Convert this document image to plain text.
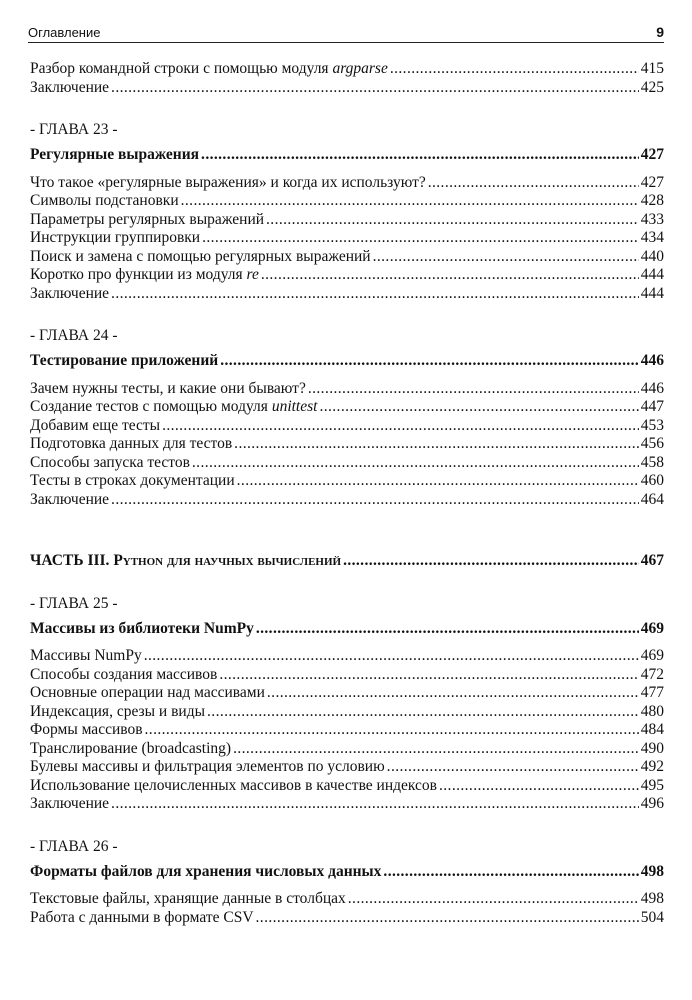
Оглавление	9
Разбор командной строки с помощью модуля argparse .....	415
Заключение .....	425
- ГЛАВА 23 -
Регулярные выражения .....	427
Что такое «регулярные выражения» и когда их используют? .....	427
Символы подстановки .....	428
Параметры регулярных выражений .....	433
Инструкции группировки .....	434
Поиск и замена с помощью регулярных выражений .....	440
Коротко про функции из модуля re .....	444
Заключение .....	444
- ГЛАВА 24 -
Тестирование приложений .....	446
Зачем нужны тесты, и какие они бывают? .....	446
Создание тестов с помощью модуля unittest .....	447
Добавим еще тесты .....	453
Подготовка данных для тестов .....	456
Способы запуска тестов .....	458
Тесты в строках документации .....	460
Заключение .....	464
ЧАСТЬ III. Python для научных вычислений .....	467
- ГЛАВА 25 -
Массивы из библиотеки NumPy .....	469
Массивы NumPy .....	469
Способы создания массивов .....	472
Основные операции над массивами .....	477
Индексация, срезы и виды .....	480
Формы массивов .....	484
Транслирование (broadcasting) .....	490
Булевы массивы и фильтрация элементов по условию .....	492
Использование целочисленных массивов в качестве индексов .....	495
Заключение .....	496
- ГЛАВА 26 -
Форматы файлов для хранения числовых данных .....	498
Текстовые файлы, хранящие данные в столбцах .....	498
Работа с данными в формате CSV .....	504
